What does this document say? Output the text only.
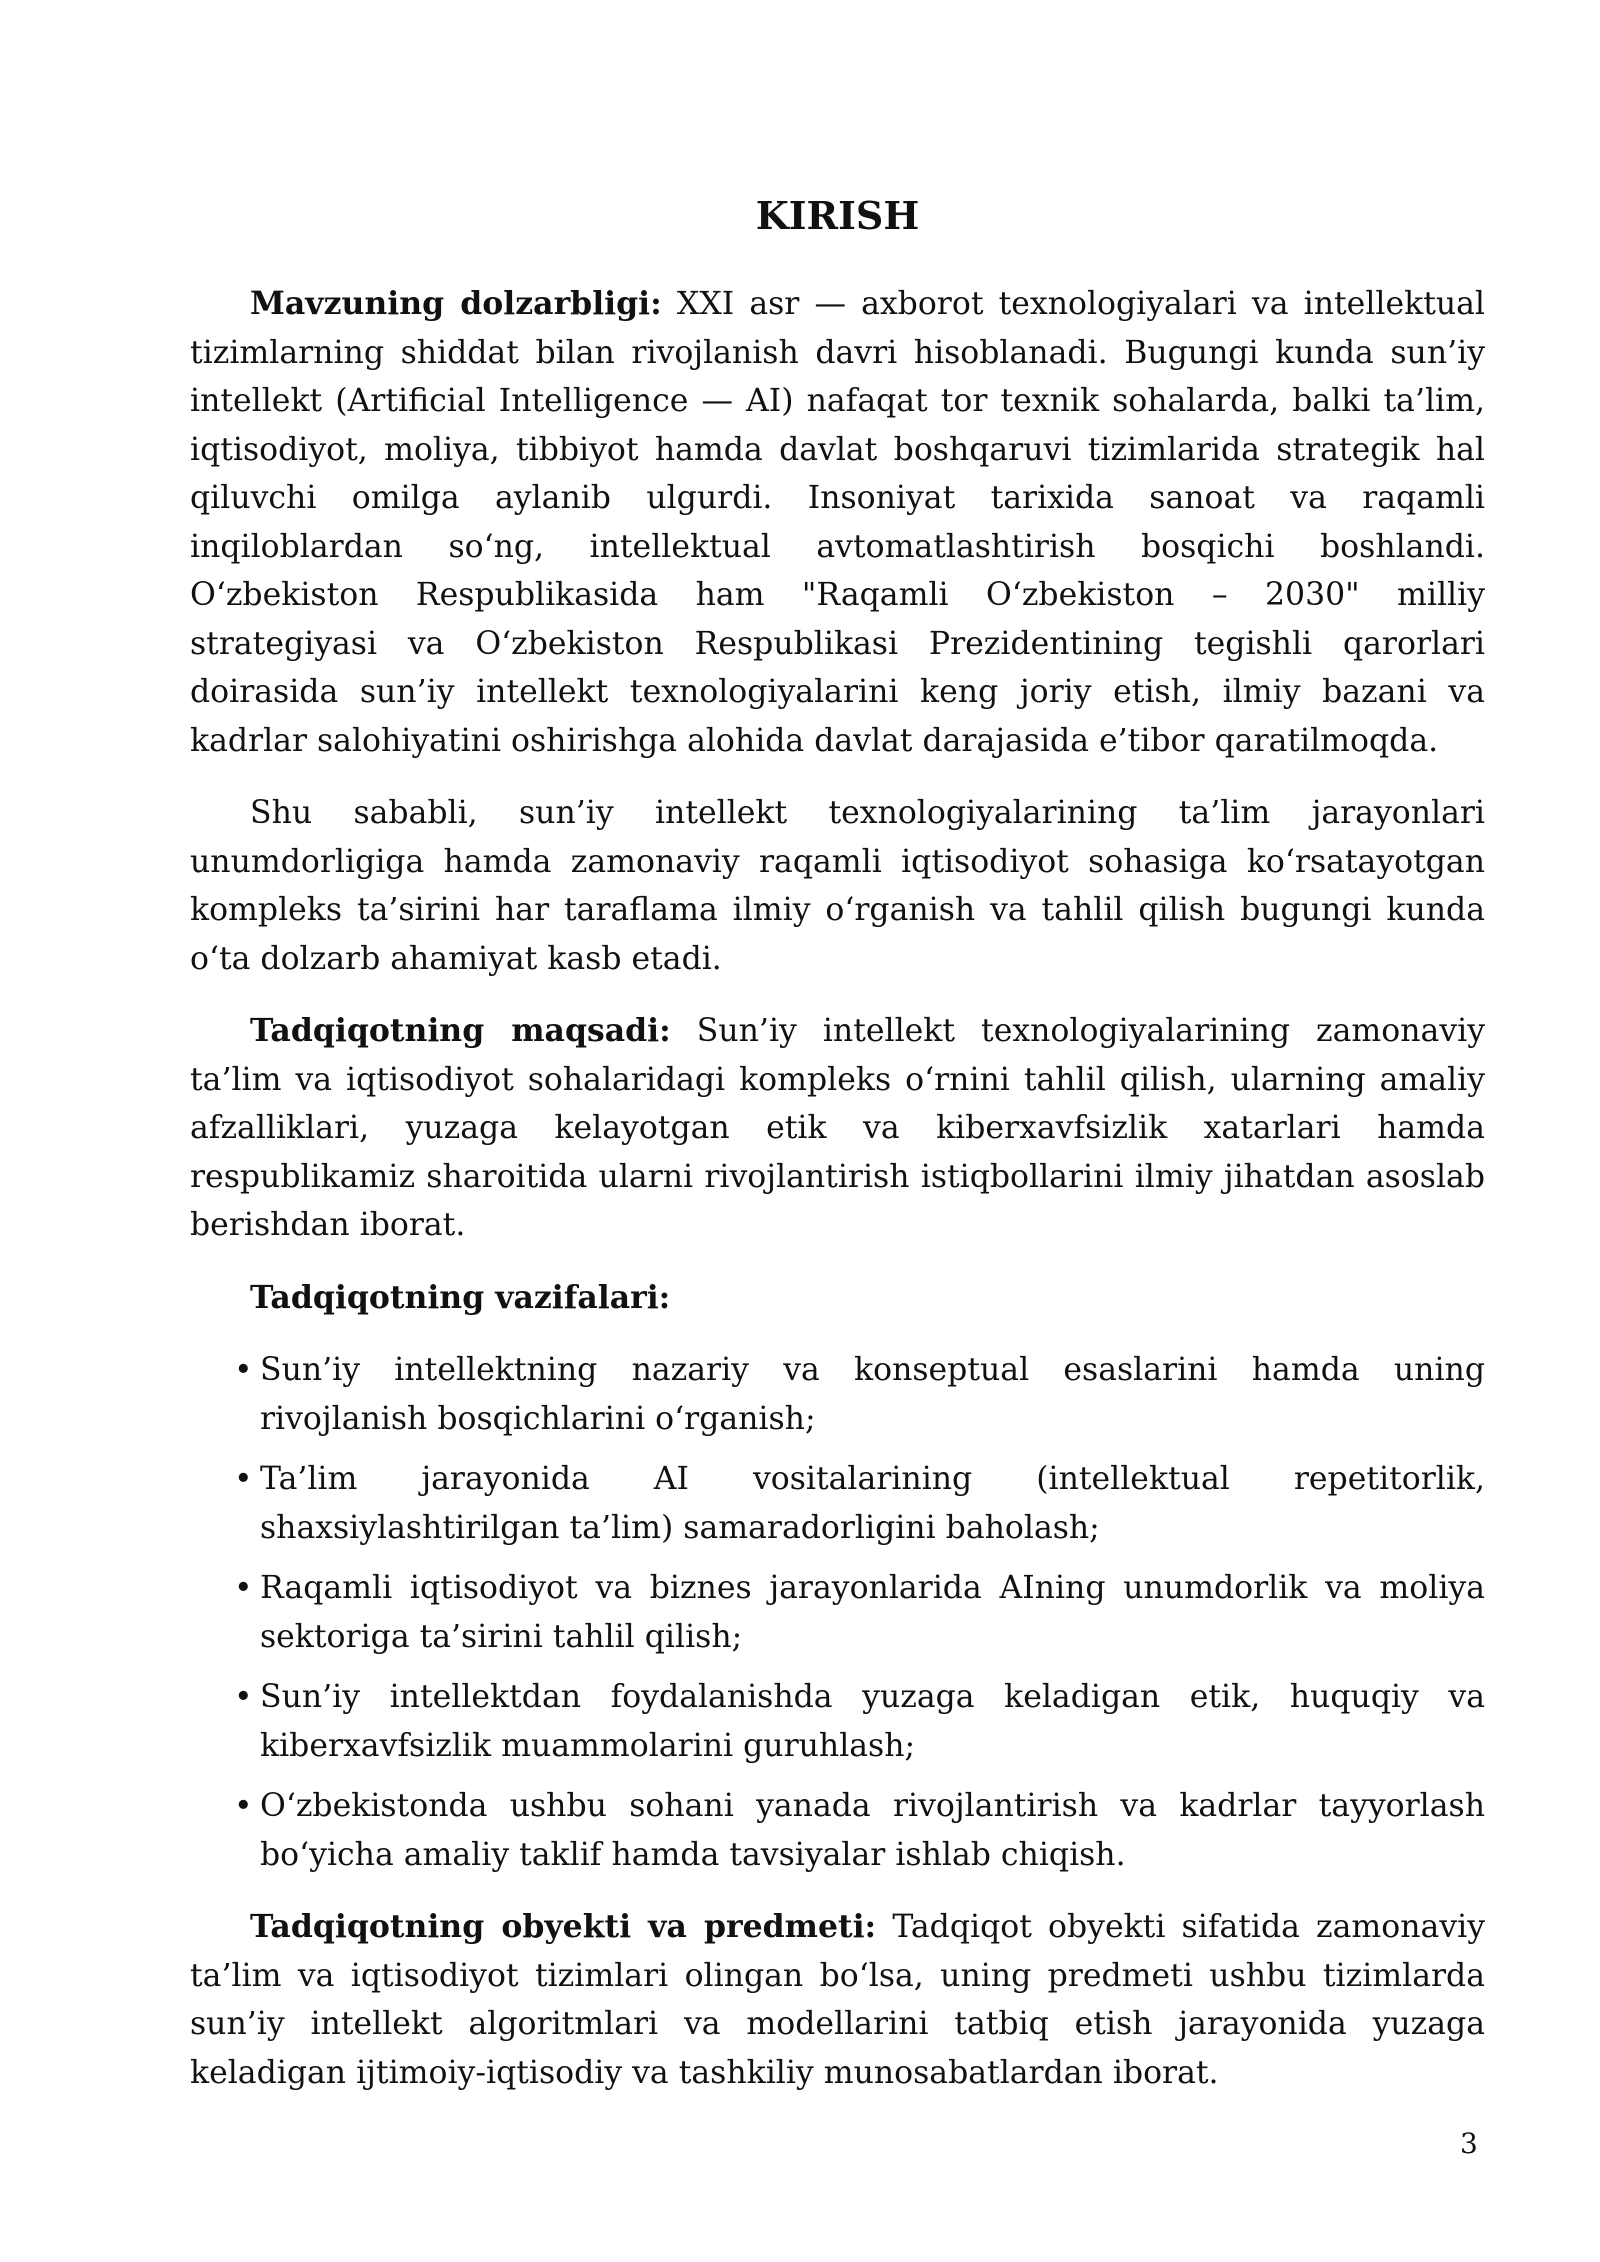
KIRISH

Mavzuning dolzarbligi: XXI asr — axborot texnologiyalari va intellektual tizimlarning shiddat bilan rivojlanish davri hisoblanadi. Bugungi kunda sun’iy intellekt (Artificial Intelligence — AI) nafaqat tor texnik sohalarda, balki ta’lim, iqtisodiyot, moliya, tibbiyot hamda davlat boshqaruvi tizimlarida strategik hal qiluvchi omilga aylanib ulgurdi. Insoniyat tarixida sanoat va raqamli inqiloblardan so‘ng, intellektual avtomatlashtirish bosqichi boshlandi. O‘zbekiston Respublikasida ham "Raqamli O‘zbekiston – 2030" milliy strategiyasi va O‘zbekiston Respublikasi Prezidentining tegishli qarorlari doirasida sun’iy intellekt texnologiyalarini keng joriy etish, ilmiy bazani va kadrlar salohiyatini oshirishga alohida davlat darajasida e’tibor qaratilmoqda.

Shu sababli, sun’iy intellekt texnologiyalarining ta’lim jarayonlari unumdorligiga hamda zamonaviy raqamli iqtisodiyot sohasiga ko‘rsatayotgan kompleks ta’sirini har taraflama ilmiy o‘rganish va tahlil qilish bugungi kunda o‘ta dolzarb ahamiyat kasb etadi.

Tadqiqotning maqsadi: Sun’iy intellekt texnologiyalarining zamonaviy ta’lim va iqtisodiyot sohalaridagi kompleks o‘rnini tahlil qilish, ularning amaliy afzalliklari, yuzaga kelayotgan etik va kiberxavfsizlik xatarlari hamda respublikamiz sharoitida ularni rivojlantirish istiqbollarini ilmiy jihatdan asoslab berishdan iborat.

Tadqiqotning vazifalari:

• Sun’iy intellektning nazariy va konseptual esaslarini hamda uning rivojlanish bosqichlarini o‘rganish;
• Ta’lim jarayonida AI vositalarining (intellektual repetitorlik, shaxsiylashtirilgan ta’lim) samaradorligini baholash;
• Raqamli iqtisodiyot va biznes jarayonlarida AIning unumdorlik va moliya sektoriga ta’sirini tahlil qilish;
• Sun’iy intellektdan foydalanishda yuzaga keladigan etik, huquqiy va kiberxavfsizlik muammolarini guruhlash;
• O‘zbekistonda ushbu sohani yanada rivojlantirish va kadrlar tayyorlash bo‘yicha amaliy taklif hamda tavsiyalar ishlab chiqish.

Tadqiqotning obyekti va predmeti: Tadqiqot obyekti sifatida zamonaviy ta’lim va iqtisodiyot tizimlari olingan bo‘lsa, uning predmeti ushbu tizimlarda sun’iy intellekt algoritmlari va modellarini tatbiq etish jarayonida yuzaga keladigan ijtimoiy-iqtisodiy va tashkiliy munosabatlardan iborat.

3
